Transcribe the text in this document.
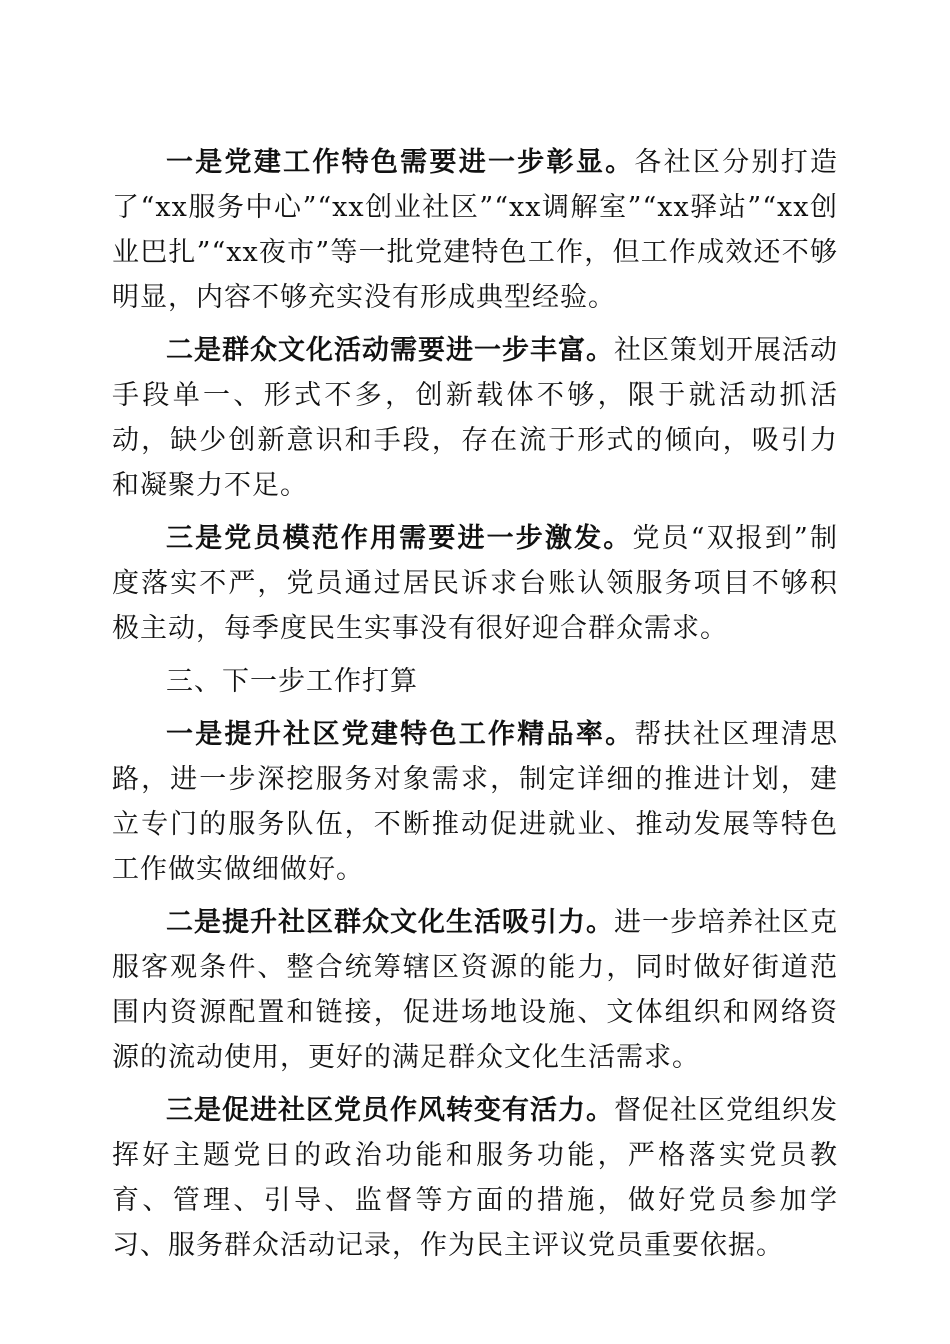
一是党建工作特色需要进一步彰显。各社区分别打造了“xx服务中心”“xx创业社区”“xx调解室”“xx驿站”“xx创业巴扎”“xx夜市”等一批党建特色工作，但工作成效还不够明显，内容不够充实没有形成典型经验。

二是群众文化活动需要进一步丰富。社区策划开展活动手段单一、形式不多，创新载体不够，限于就活动抓活动，缺少创新意识和手段，存在流于形式的倾向，吸引力和凝聚力不足。

三是党员模范作用需要进一步激发。党员“双报到”制度落实不严，党员通过居民诉求台账认领服务项目不够积极主动，每季度民生实事没有很好迎合群众需求。

三、下一步工作打算

一是提升社区党建特色工作精品率。帮扶社区理清思路，进一步深挖服务对象需求，制定详细的推进计划，建立专门的服务队伍，不断推动促进就业、推动发展等特色工作做实做细做好。

二是提升社区群众文化生活吸引力。进一步培养社区克服客观条件、整合统筹辖区资源的能力，同时做好街道范围内资源配置和链接，促进场地设施、文体组织和网络资源的流动使用，更好的满足群众文化生活需求。

三是促进社区党员作风转变有活力。督促社区党组织发挥好主题党日的政治功能和服务功能，严格落实党员教育、管理、引导、监督等方面的措施，做好党员参加学习、服务群众活动记录，作为民主评议党员重要依据。
